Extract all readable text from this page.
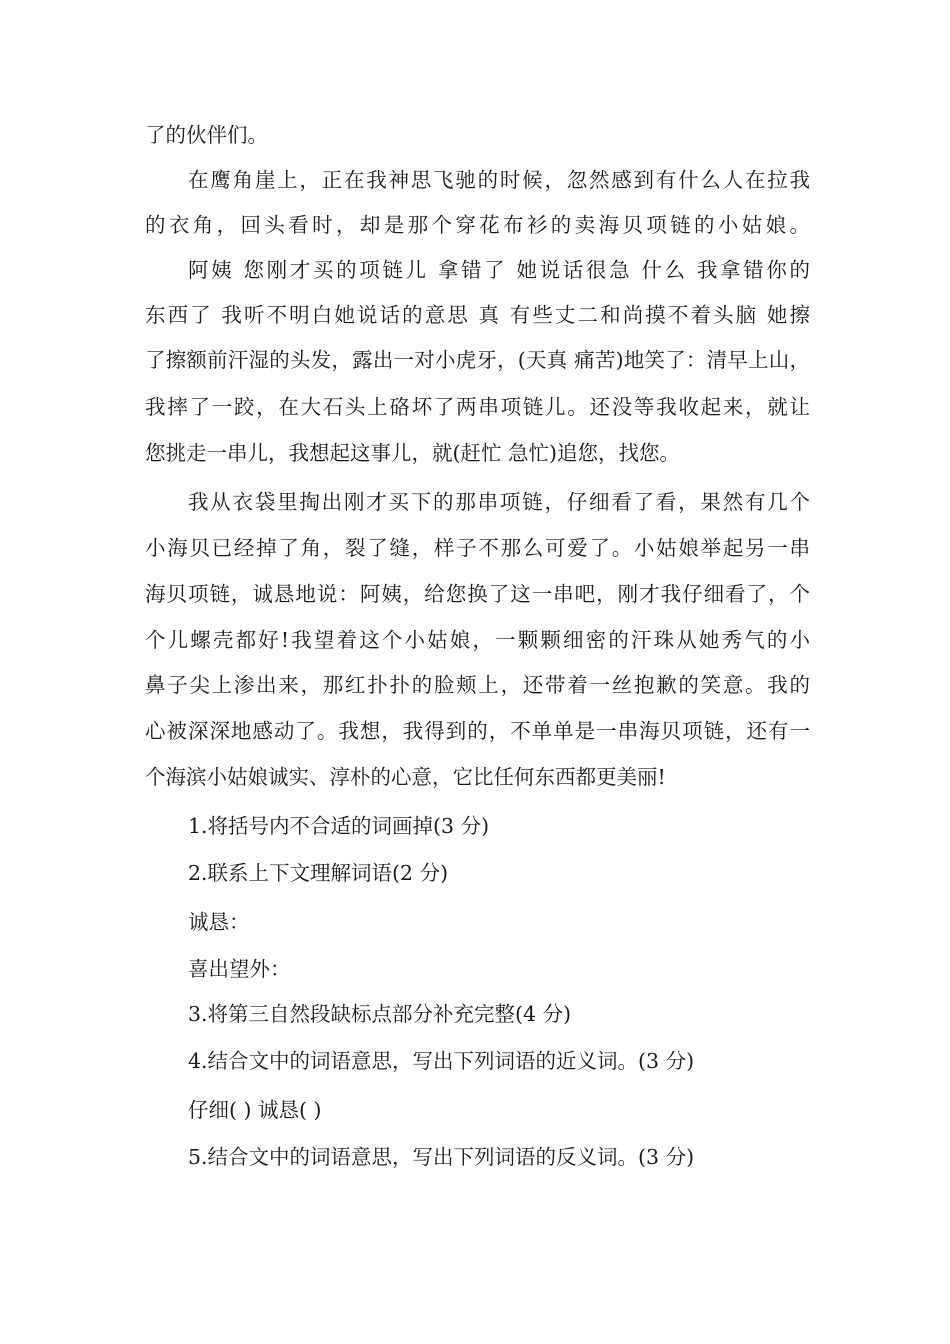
了的伙伴们。
在鹰角崖上，正在我神思飞驰的时候，忽然感到有什么人在拉我
的衣角，回头看时，却是那个穿花布衫的卖海贝项链的小姑娘。
阿姨 您刚才买的项链儿 拿错了 她说话很急 什么 我拿错你的
东西了 我听不明白她说话的意思 真 有些丈二和尚摸不着头脑 她擦
了擦额前汗湿的头发，露出一对小虎牙，(天真 痛苦)地笑了：清早上山，
我摔了一跤，在大石头上硌坏了两串项链儿。还没等我收起来，就让
您挑走一串儿，我想起这事儿，就(赶忙 急忙)追您，找您。
我从衣袋里掏出刚才买下的那串项链，仔细看了看，果然有几个
小海贝已经掉了角，裂了缝，样子不那么可爱了。小姑娘举起另一串
海贝项链，诚恳地说：阿姨，给您换了这一串吧，刚才我仔细看了，个
个儿螺壳都好!我望着这个小姑娘，一颗颗细密的汗珠从她秀气的小
鼻子尖上渗出来，那红扑扑的脸颊上，还带着一丝抱歉的笑意。我的
心被深深地感动了。我想，我得到的，不单单是一串海贝项链，还有一
个海滨小姑娘诚实、淳朴的心意，它比任何东西都更美丽!
1.将括号内不合适的词画掉(3 分)
2.联系上下文理解词语(2 分)
诚恳：
喜出望外：
3.将第三自然段缺标点部分补充完整(4 分)
4.结合文中的词语意思，写出下列词语的近义词。(3 分)
仔细( ) 诚恳( )
5.结合文中的词语意思，写出下列词语的反义词。(3 分)
